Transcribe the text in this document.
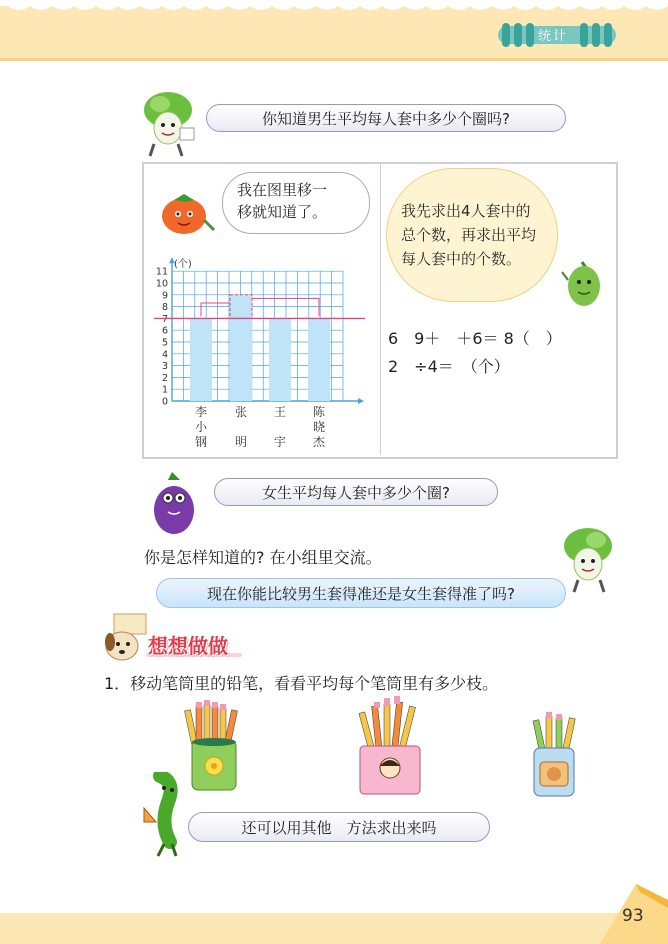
统计
你知道男生平均每人套中多少个圈吗?
我在图里移一
移就知道了。	我先求出4人套中的
总个数，再求出平均
每人套中的个数。
6　9＋　＋6＝ 8（　）
2　÷4＝　（个）
0
1
2
3
4
5
6
7
8
9
10
11
(个)
李
小
钢
张

明
王

宇
陈
晓
杰
女生平均每人套中多少个圈?
你是怎样知道的? 在小组里交流。
现在你能比较男生套得准还是女生套得准了吗?
想想做做
1．移动笔筒里的铅笔，看看平均每个笔筒里有多少枝。
还可以用其他　方法求出来吗
93
